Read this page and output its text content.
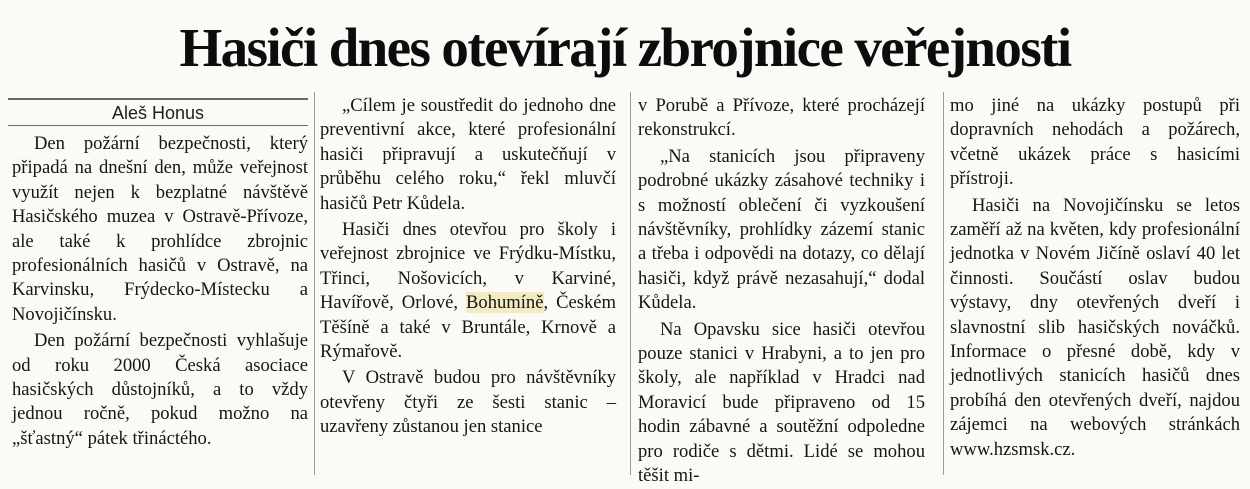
Hasiči dnes otevírají zbrojnice veřejnosti
Aleš Honus

Den požární bezpečnosti, který připadá na dnešní den, může veřejnost využít nejen k bezplatné návštěvě Hasičského muzea v Ostravě-Přívoze, ale také k prohlídce zbrojnic profesionálních hasičů v Ostravě, na Karvinsku, Frýdecko-Místecku a Novojičínsku.

Den požární bezpečnosti vyhlašuje od roku 2000 Česká asociace hasičských důstojníků, a to vždy jednou ročně, pokud možno na „šťastný“ pátek třináctého.

„Cílem je soustředit do jednoho dne preventivní akce, které profesionální hasiči připravují a uskutečňují v průběhu celého roku,“ řekl mluvčí hasičů Petr Kůdela.

Hasiči dnes otevřou pro školy i veřejnost zbrojnice ve Frýdku-Místku, Třinci, Nošovicích, v Karviné, Havířově, Orlové, Bohumíně, Českém Těšíně a také v Bruntále, Krnově a Rýmařově.

V Ostravě budou pro návštěvníky otevřeny čtyři ze šesti stanic – uzavřeny zůstanou jen stanice

v Porubě a Přívoze, které procházejí rekonstrukcí.

„Na stanicích jsou připraveny podrobné ukázky zásahové techniky i s možností oblečení či vyzkoušení návštěvníky, prohlídky zázemí stanic a třeba i odpovědi na dotazy, co dělají hasiči, když právě nezasahují,“ dodal Kůdela.

Na Opavsku sice hasiči otevřou pouze stanici v Hrabyni, a to jen pro školy, ale například v Hradci nad Moravicí bude připraveno od 15 hodin zábavné a soutěžní odpoledne pro rodiče s dětmi. Lidé se mohou těšit mi-

mo jiné na ukázky postupů při dopravních nehodách a požárech, včetně ukázek práce s hasicími přístroji.

Hasiči na Novojičínsku se letos zaměří až na květen, kdy profesionální jednotka v Novém Jičíně oslaví 40 let činnosti. Součástí oslav budou výstavy, dny otevřených dveří i slavnostní slib hasičských nováčků. Informace o přesné době, kdy v jednotlivých stanicích hasičů dnes probíhá den otevřených dveří, najdou zájemci na webových stránkách www.hzsmsk.cz.
